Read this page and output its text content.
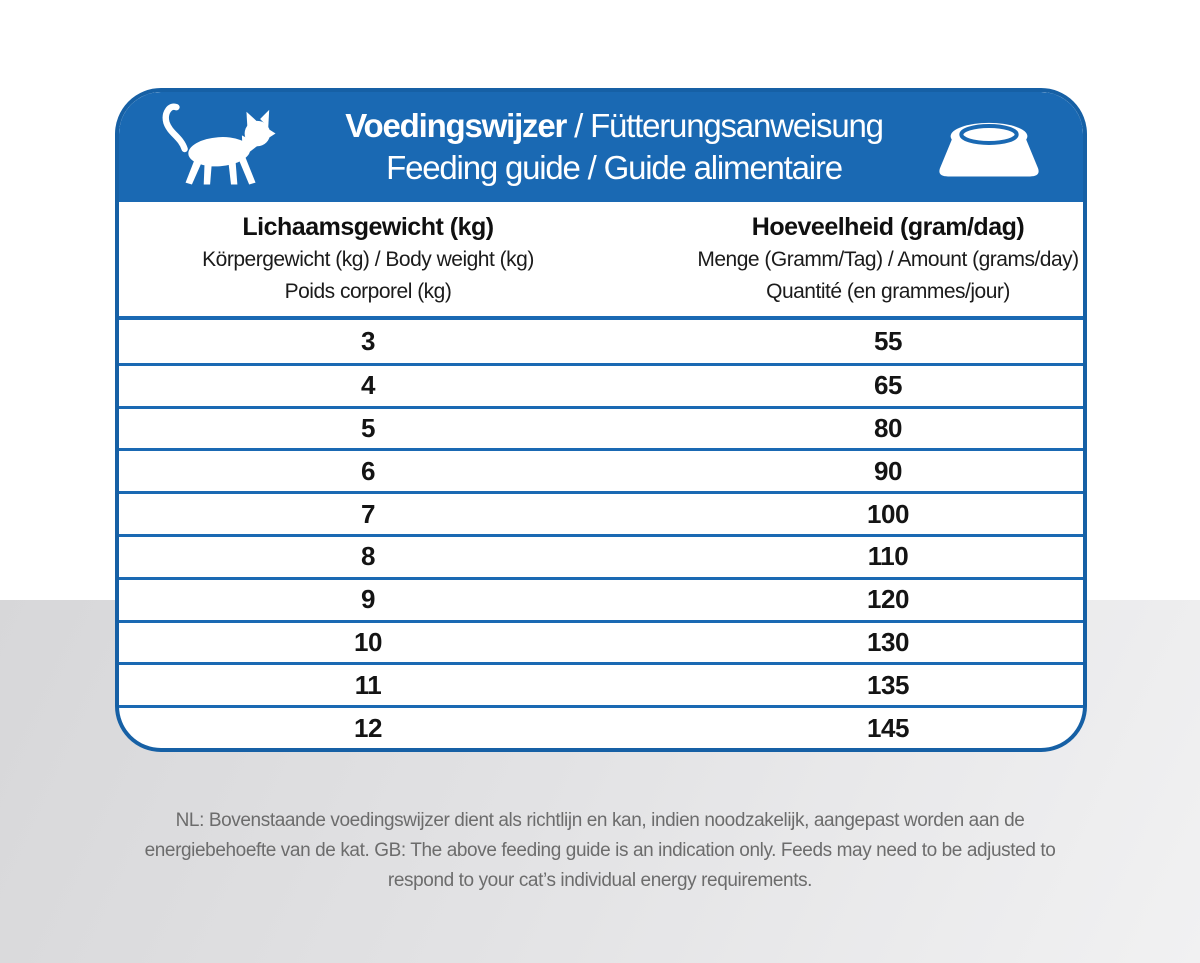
Voedingswijzer / Fütterungsanweisung
Feeding guide / Guide alimentaire
Lichaamsgewicht (kg)
Körpergewicht (kg) / Body weight (kg)
Poids corporel (kg)
Hoeveelheid (gram/dag)
Menge (Gramm/Tag) / Amount (grams/day)
Quantité (en grammes/jour)
3	55
4	65
5	80
6	90
7	100
8	110
9	120
10	130
11	135
12	145
NL: Bovenstaande voedingswijzer dient als richtlijn en kan, indien noodzakelijk, aangepast worden aan de energiebehoefte van de kat. GB: The above feeding guide is an indication only. Feeds may need to be adjusted to respond to your cat’s individual energy requirements.
